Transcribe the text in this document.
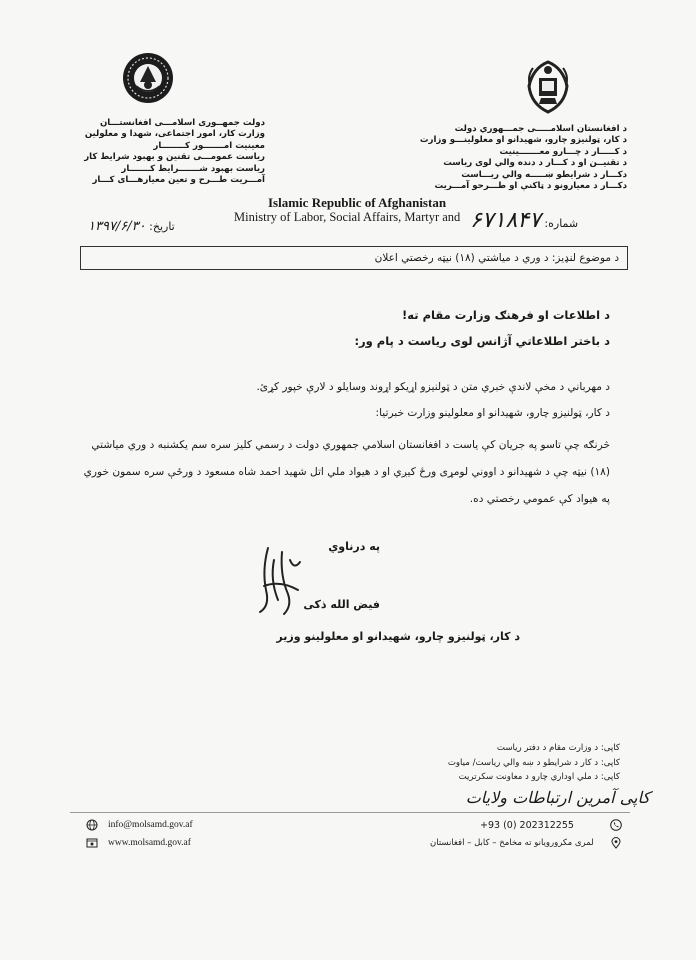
دولت جمهــوری اسلامـــی افغانستـــان
وزارت کار، امور اجتماعی، شهدا و معلولین
معینیت امـــــــور کــــــــار
ریاست عمومـــی تقنین و بهبود شرایط کار
ریاست بهبود شـــــــرایط کـــــــار
آمـــریت طـــرح و تعین معیارهـــای کـــار
د افغانستان اسلامـــــی جمـــهوري دولت
د کار، ټولنیزو چارو، شهیدانو او معلولینـــو وزارت
د کـــــار د چـــارو معـــــــینیت
د تقنیــن او د کـــار د دنده والي لوی ریاست
دکـــار د شرایطو ښـــــه والي ریـــاست
دکـــار د معیارونو د ټاکنې او طـــرحو آمـــریت
Islamic Republic of Afghanistan
Ministry of Labor, Social Affairs, Martyr and
تاریخ: ۱۳۹۷/۶/۳۰	شماره: ۶۷۱۸۴۷
د موضوع لنډیز: د وري د میاشتي (۱۸) نیټه رخصتي اعلان
د اطلاعات او فرهنګ وزارت مقام ته!
د باختر اطلاعاتي آژانس لوی ریاست د پام ور:
د مهرباني د مخې لاندې خبري متن د ټولنیزو اړیکو اړوند وسایلو د لارې خپور کړئ.
د کار، ټولنیزو چارو، شهیدانو او معلولینو وزارت خبرتیا:
څرنګه چې تاسو په جریان کې یاست د افغانستان اسلامي جمهوري دولت د رسمي کلیز سره سم یکشنبه د وري میاشتي (۱۸) نیټه چې د شهیدانو د اووني لومړی ورځ کیږي او د هیواد ملي اتل شهید احمد شاه مسعود د ورځې سره سمون خوري په هیواد کې عمومي رخصتي ده.
په درناوي
فیض الله ذکی
د کار، ټولنیزو چارو، شهیدانو او معلولینو وزیر
کاپی: د وزارت مقام د دفتر ریاست
کاپی: د کار د شرایطو د ښه والي ریاست/ میاوت
کاپی: د ملي اوداري چارو د معاونت سکرتریت
کاپی آمرین ارتباطات ولایات
info@molsamd.gov.af
www.molsamd.gov.af
+93 (0) 202312255
لمری مکرورویانو ته مخامخ – کابل – افغانستان
